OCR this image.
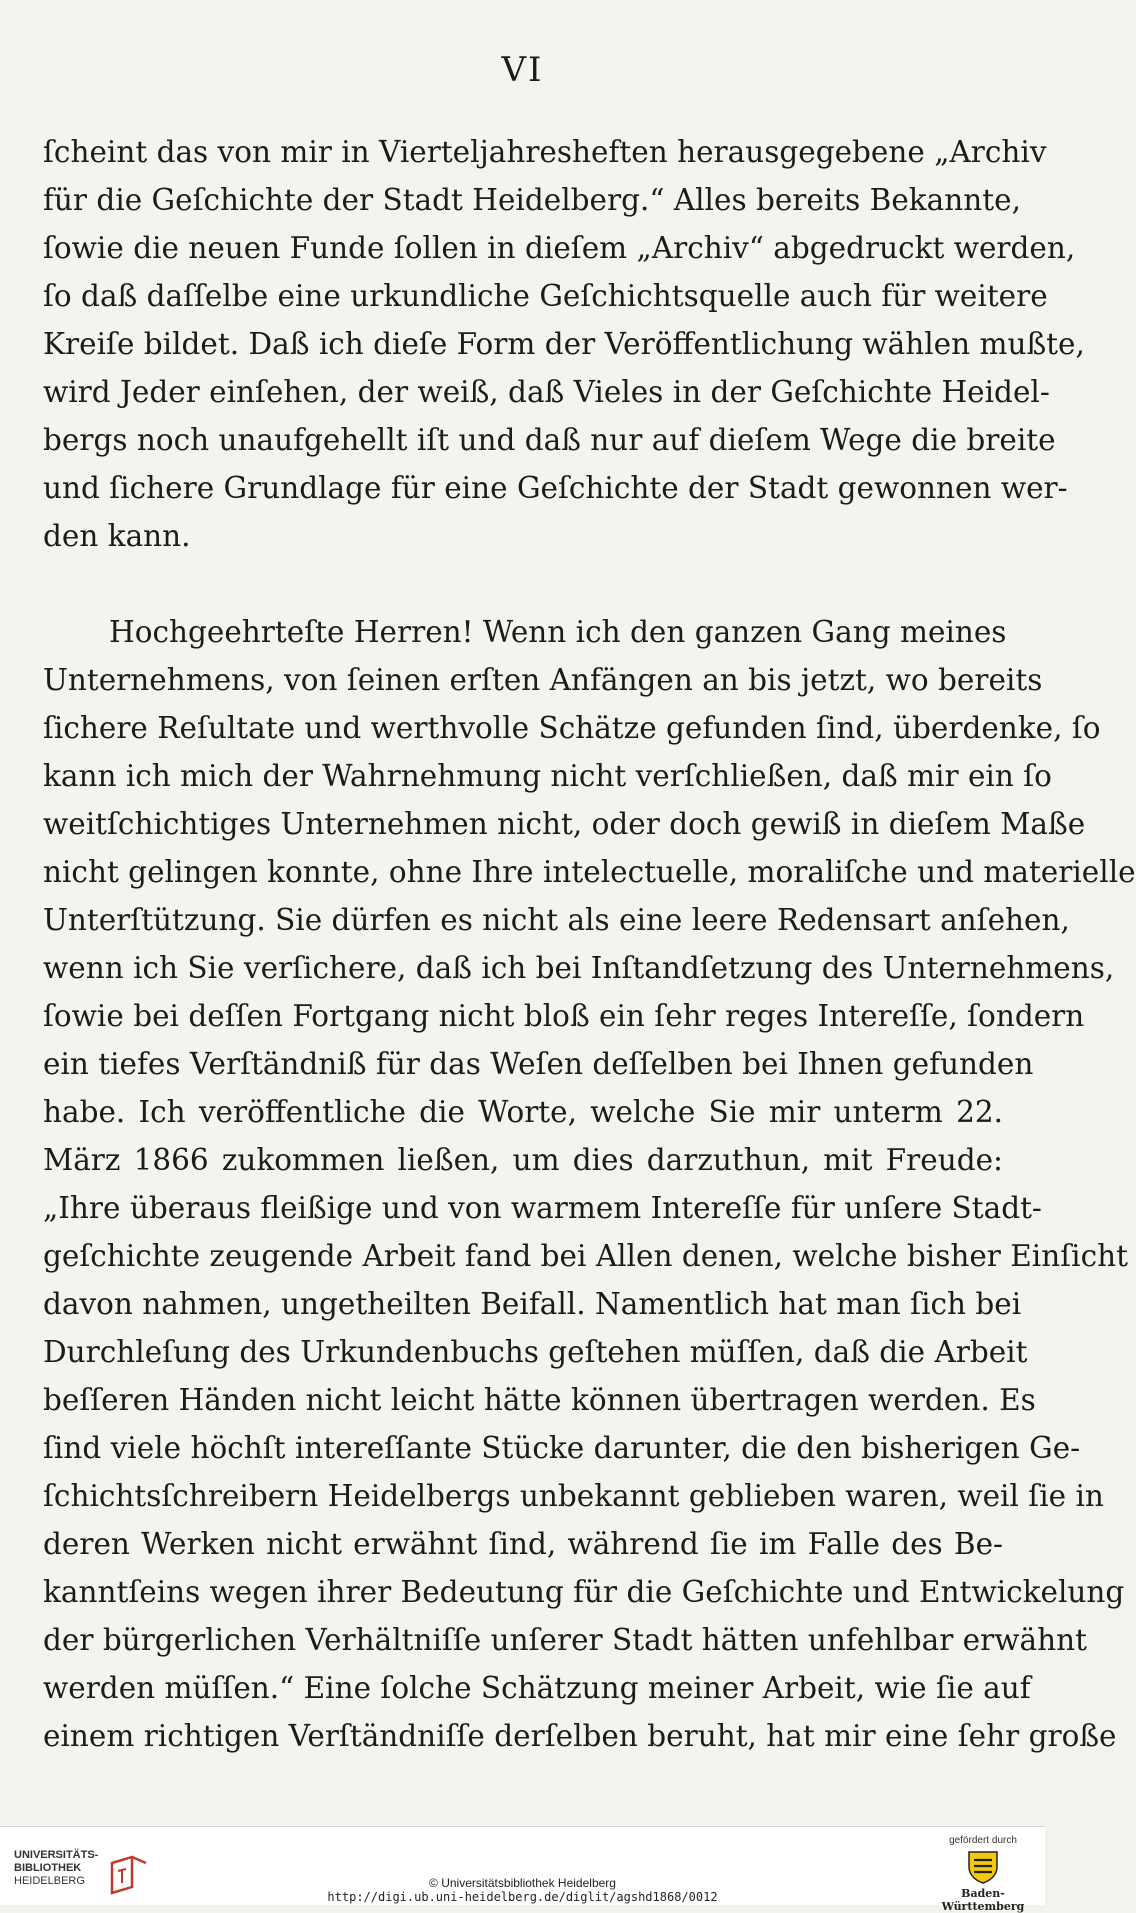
VI
ſcheint das von mir in Vierteljahresheften herausgegebene „Archiv
für die Geſchichte der Stadt Heidelberg.“ Alles bereits Bekannte,
ſowie die neuen Funde ſollen in dieſem „Archiv“ abgedruckt werden,
ſo daß daſſelbe eine urkundliche Geſchichtsquelle auch für weitere
Kreiſe bildet. Daß ich dieſe Form der Veröffentlichung wählen mußte,
wird Jeder einſehen, der weiß, daß Vieles in der Geſchichte Heidel-
bergs noch unaufgehellt iſt und daß nur auf dieſem Wege die breite
und ſichere Grundlage für eine Geſchichte der Stadt gewonnen wer-
den kann.
Hochgeehrteſte Herren! Wenn ich den ganzen Gang meines
Unternehmens, von ſeinen erſten Anfängen an bis jetzt, wo bereits
ſichere Reſultate und werthvolle Schätze gefunden ſind, überdenke, ſo
kann ich mich der Wahrnehmung nicht verſchließen, daß mir ein ſo
weitſchichtiges Unternehmen nicht, oder doch gewiß in dieſem Maße
nicht gelingen konnte, ohne Ihre intelectuelle, moraliſche und materielle
Unterſtützung. Sie dürfen es nicht als eine leere Redensart anſehen,
wenn ich Sie verſichere, daß ich bei Inſtandſetzung des Unternehmens,
ſowie bei deſſen Fortgang nicht bloß ein ſehr reges Intereſſe, ſondern
ein tiefes Verſtändniß für das Weſen deſſelben bei Ihnen gefunden
habe. Ich veröffentliche die Worte, welche Sie mir unterm 22.
März 1866 zukommen ließen, um dies darzuthun, mit Freude:
„Ihre überaus fleißige und von warmem Intereſſe für unſere Stadt-
geſchichte zeugende Arbeit fand bei Allen denen, welche bisher Einſicht
davon nahmen, ungetheilten Beifall. Namentlich hat man ſich bei
Durchleſung des Urkundenbuchs geſtehen müſſen, daß die Arbeit
beſſeren Händen nicht leicht hätte können übertragen werden. Es
ſind viele höchſt intereſſante Stücke darunter, die den bisherigen Ge-
ſchichtsſchreibern Heidelbergs unbekannt geblieben waren, weil ſie in
deren Werken nicht erwähnt ſind, während ſie im Falle des Be-
kanntſeins wegen ihrer Bedeutung für die Geſchichte und Entwickelung
der bürgerlichen Verhältniſſe unſerer Stadt hätten unfehlbar erwähnt
werden müſſen.“ Eine ſolche Schätzung meiner Arbeit, wie ſie auf
einem richtigen Verſtändniſſe derſelben beruht, hat mir eine ſehr große
UNIVERSITÄTS-
BIBLIOTHEK
HEIDELBERG	© Universitätsbibliothek Heidelberg
http://digi.ub.uni-heidelberg.de/diglit/agshd1868/0012
gefördert durch
Baden-Württemberg
